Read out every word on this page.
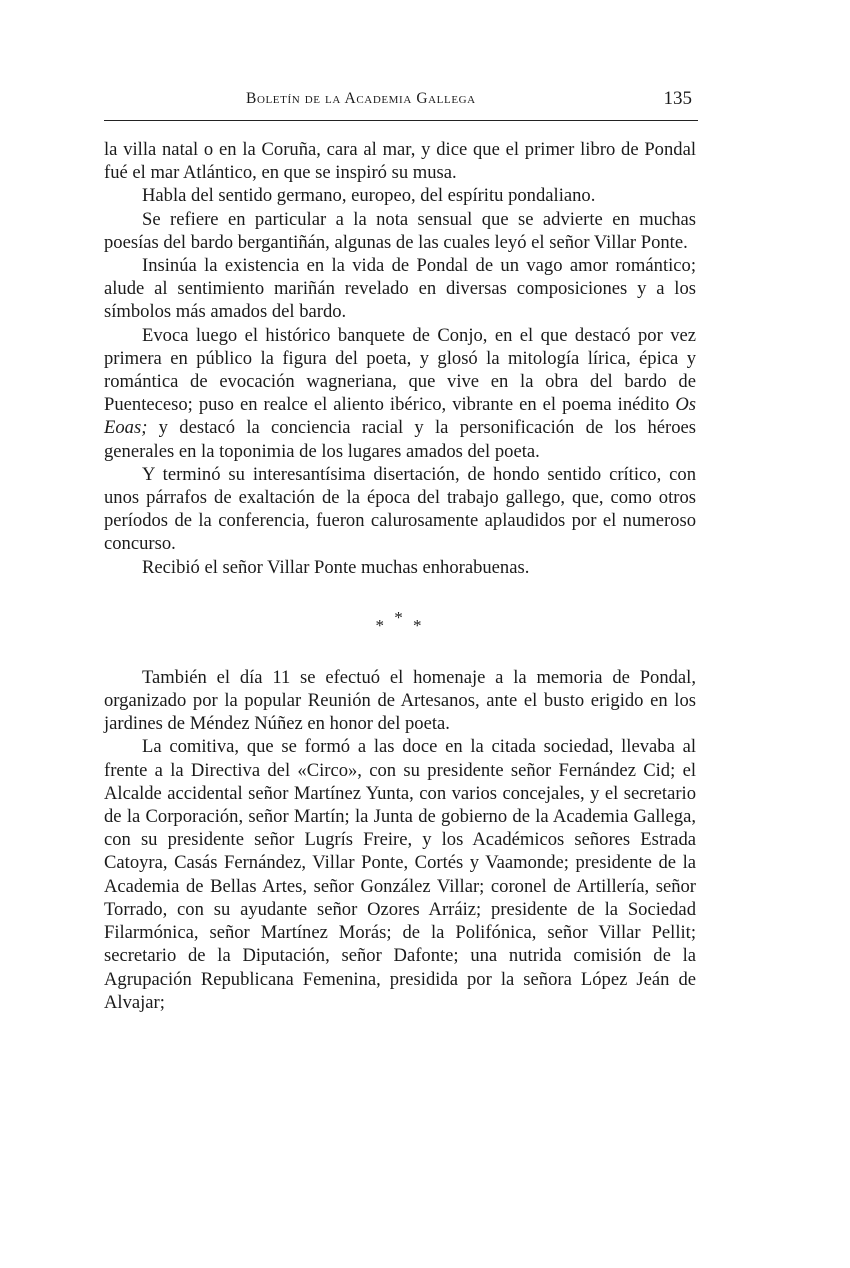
Boletín de la Academia Gallega	135

la villa natal o en la Coruña, cara al mar, y dice que el primer libro de Pondal fué el mar Atlántico, en que se inspiró su musa.

Habla del sentido germano, europeo, del espíritu pondaliano.

Se refiere en particular a la nota sensual que se advierte en muchas poesías del bardo bergantiñán, algunas de las cuales leyó el señor Villar Ponte.

Insinúa la existencia en la vida de Pondal de un vago amor romántico; alude al sentimiento mariñán revelado en diversas composiciones y a los símbolos más amados del bardo.

Evoca luego el histórico banquete de Conjo, en el que destacó por vez primera en público la figura del poeta, y glosó la mitología lírica, épica y romántica de evocación wagneriana, que vive en la obra del bardo de Puenteceso; puso en realce el aliento ibérico, vibrante en el poema inédito Os Eoas; y destacó la conciencia racial y la personificación de los héroes generales en la toponimia de los lugares amados del poeta.

Y terminó su interesantísima disertación, de hondo sentido crítico, con unos párrafos de exaltación de la época del trabajo gallego, que, como otros períodos de la conferencia, fueron calurosamente aplaudidos por el numeroso concurso.

Recibió el señor Villar Ponte muchas enhorabuenas.

* * *

También el día 11 se efectuó el homenaje a la memoria de Pondal, organizado por la popular Reunión de Artesanos, ante el busto erigido en los jardines de Méndez Núñez en honor del poeta.

La comitiva, que se formó a las doce en la citada sociedad, llevaba al frente a la Directiva del «Circo», con su presidente señor Fernández Cid; el Alcalde accidental señor Martínez Yunta, con varios concejales, y el secretario de la Corporación, señor Martín; la Junta de gobierno de la Academia Gallega, con su presidente señor Lugrís Freire, y los Académicos señores Estrada Catoyra, Casás Fernández, Villar Ponte, Cortés y Vaamonde; presidente de la Academia de Bellas Artes, señor González Villar; coronel de Artillería, señor Torrado, con su ayudante señor Ozores Arráiz; presidente de la Sociedad Filarmónica, señor Martínez Morás; de la Polifónica, señor Villar Pellit; secretario de la Diputación, señor Dafonte; una nutrida comisión de la Agrupación Republicana Femenina, presidida por la señora López Jeán de Alvajar;
